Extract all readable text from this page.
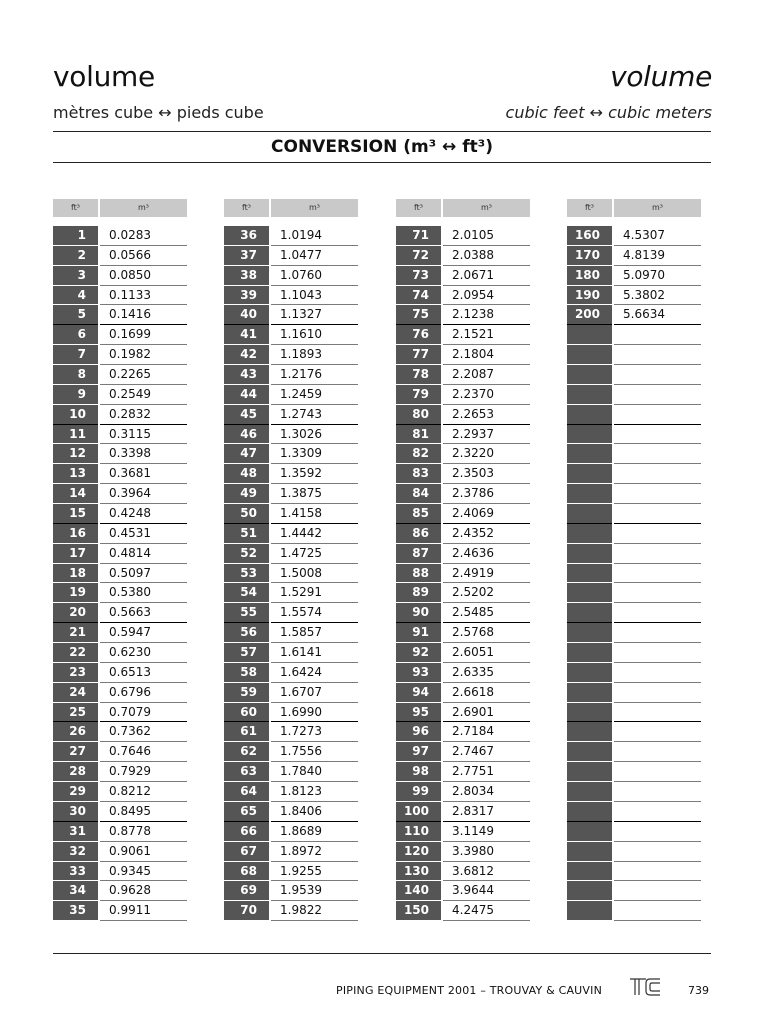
volume	volume
mètres cube ↔ pieds cube	cubic feet ↔ cubic meters
CONVERSION (m³ ↔ ft³)
ft³	m³
1	0.0283
2	0.0566
3	0.0850
4	0.1133
5	0.1416
6	0.1699
7	0.1982
8	0.2265
9	0.2549
10	0.2832
11	0.3115
12	0.3398
13	0.3681
14	0.3964
15	0.4248
16	0.4531
17	0.4814
18	0.5097
19	0.5380
20	0.5663
21	0.5947
22	0.6230
23	0.6513
24	0.6796
25	0.7079
26	0.7362
27	0.7646
28	0.7929
29	0.8212
30	0.8495
31	0.8778
32	0.9061
33	0.9345
34	0.9628
35	0.9911
ft³	m³
36	1.0194
37	1.0477
38	1.0760
39	1.1043
40	1.1327
41	1.1610
42	1.1893
43	1.2176
44	1.2459
45	1.2743
46	1.3026
47	1.3309
48	1.3592
49	1.3875
50	1.4158
51	1.4442
52	1.4725
53	1.5008
54	1.5291
55	1.5574
56	1.5857
57	1.6141
58	1.6424
59	1.6707
60	1.6990
61	1.7273
62	1.7556
63	1.7840
64	1.8123
65	1.8406
66	1.8689
67	1.8972
68	1.9255
69	1.9539
70	1.9822
ft³	m³
71	2.0105
72	2.0388
73	2.0671
74	2.0954
75	2.1238
76	2.1521
77	2.1804
78	2.2087
79	2.2370
80	2.2653
81	2.2937
82	2.3220
83	2.3503
84	2.3786
85	2.4069
86	2.4352
87	2.4636
88	2.4919
89	2.5202
90	2.5485
91	2.5768
92	2.6051
93	2.6335
94	2.6618
95	2.6901
96	2.7184
97	2.7467
98	2.7751
99	2.8034
100	2.8317
110	3.1149
120	3.3980
130	3.6812
140	3.9644
150	4.2475
ft³	m³
160	4.5307
170	4.8139
180	5.0970
190	5.3802
200	5.6634
PIPING EQUIPMENT 2001 – TROUVAY & CAUVIN	739
